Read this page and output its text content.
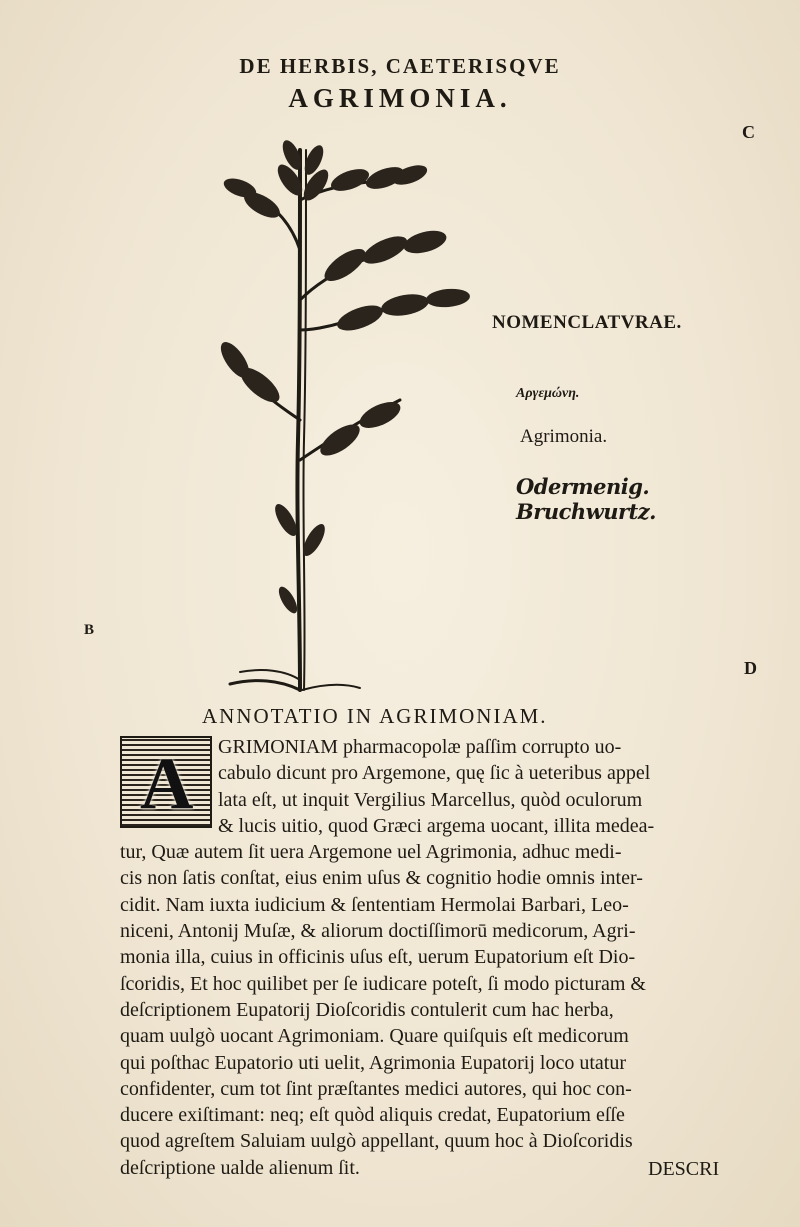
DE HERBIS, CAETERISQVE
AGRIMONIA.
C
B
D
NOMENCLATVRAE.
Αργεμώνη.
Agrimonia.
Odermenig.
Bruchwurtz.
ANNOTATIO IN AGRIMONIAM.
A	GRIMONIAM pharmacopolæ paſſim corrupto uo-
cabulo dicunt pro Argemone, quę ſic à ueteribus appel
lata eſt, ut inquit Vergilius Marcellus, quòd oculorum
& lucis uitio, quod Græci argema uocant, illita medea-
tur, Quæ autem ſit uera Argemone uel Agrimonia, adhuc medi-
cis non ſatis conſtat, eius enim uſus & cognitio hodie omnis inter-
cidit. Nam iuxta iudicium & ſententiam Hermolai Barbari, Leo-
niceni, Antonij Muſæ, & aliorum doctiſſimorū medicorum, Agri-
monia illa, cuius in officinis uſus eſt, uerum Eupatorium eſt Dio-
ſcoridis, Et hoc quilibet per ſe iudicare poteſt, ſi modo picturam &
deſcriptionem Eupatorij Dioſcoridis contulerit cum hac herba,
quam uulgò uocant Agrimoniam. Quare quiſquis eſt medicorum
qui poſthac Eupatorio uti uelit, Agrimonia Eupatorij loco utatur
confidenter, cum tot ſint præſtantes medici autores, qui hoc con-
ducere exiſtimant: neq; eſt quòd aliquis credat, Eupatorium eſſe
quod agreſtem Saluiam uulgò appellant, quum hoc à Dioſcoridis
deſcriptione ualde alienum ſit.	DESCRI
